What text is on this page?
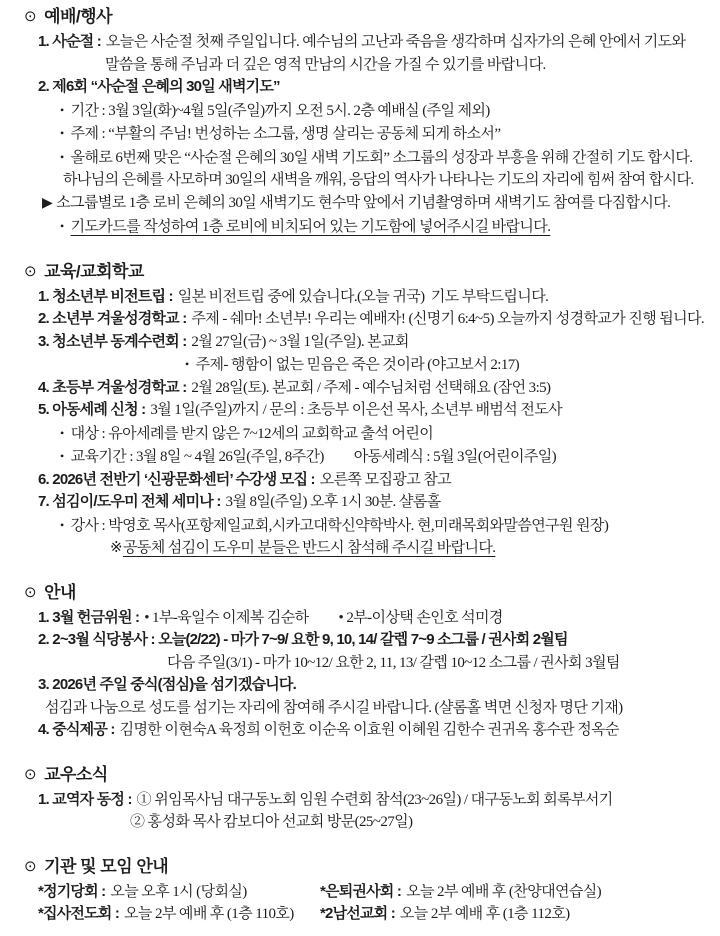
⊙ 예배/행사

1. 사순절 : 오늘은 사순절 첫째 주일입니다. 예수님의 고난과 죽음을 생각하며 십자가의 은혜 안에서 기도와

말씀을 통해 주님과 더 깊은 영적 만남의 시간을 가질 수 있기를 바랍니다.

2. 제6회 “사순절 은혜의 30일 새벽기도”

• 기간 : 3월 3일(화)~4월 5일(주일)까지 오전 5시. 2층 예배실 (주일 제외)

• 주제 : “부활의 주님! 번성하는 소그룹, 생명 살리는 공동체 되게 하소서”

• 올해로 6번째 맞은 “사순절 은혜의 30일 새벽 기도회” 소그룹의 성장과 부흥을 위해 간절히 기도 합시다.

하나님의 은혜를 사모하며 30일의 새벽을 깨워, 응답의 역사가 나타나는 기도의 자리에 힘써 참여 합시다.

▶ 소그룹별로 1층 로비 은혜의 30일 새벽기도 현수막 앞에서 기념촬영하며 새벽기도 참여를 다짐합시다.

• 기도카드를 작성하여 1층 로비에 비치되어 있는 기도함에 넣어주시길 바랍니다.

⊙ 교육/교회학교

1. 청소년부 비전트립 : 일본 비전트립 중에 있습니다.(오늘 귀국)  기도 부탁드립니다.

2. 소년부 겨울성경학교 : 주제 - 쉐마! 소년부! 우리는 예배자! (신명기 6:4~5) 오늘까지 성경학교가 진행 됩니다.

3. 청소년부 동계수련회 : 2월 27일(금) ~ 3월 1일(주일). 본교회

• 주제- 행함이 없는 믿음은 죽은 것이라 (야고보서 2:17)

4. 초등부 겨울성경학교 : 2월 28일(토). 본교회 / 주제 - 예수님처럼 선택해요 (잠언 3:5)

5. 아동세례 신청 : 3월 1일(주일)까지 / 문의 : 초등부 이은선 목사, 소년부 배범석 전도사

• 대상 : 유아세례를 받지 않은 7~12세의 교회학교 출석 어린이

• 교육기간 : 3월 8일 ~ 4월 26일(주일, 8주간) 아동세례식 : 5월 3일(어린이주일)

6. 2026년 전반기 ‘신광문화센터’ 수강생 모집 : 오른쪽 모집광고 참고

7. 섬김이/도우미 전체 세미나 : 3월 8일(주일) 오후 1시 30분. 샬롬홀

• 강사 : 박영호 목사(포항제일교회,시카고대학신약학박사. 현,미래목회와말씀연구원 원장)

※공동체 섬김이 도우미 분들은 반드시 참석해 주시길 바랍니다.

⊙ 안내

1. 3월 헌금위원 : • 1부-육일수 이제복 김순하 • 2부-이상택 손인호 석미경

2. 2~3월 식당봉사 : 오늘(2/22) - 마가 7~9/ 요한 9, 10, 14/ 갈렙 7~9 소그룹 / 권사회 2월팀

다음 주일(3/1) - 마가 10~12/ 요한 2, 11, 13/ 갈렙 10~12 소그룹 / 권사회 3월팀

3. 2026년 주일 중식(점심)을 섬기겠습니다.

섬김과 나눔으로 성도를 섬기는 자리에 참여해 주시길 바랍니다. (샬롬홀 벽면 신청자 명단 기재)

4. 중식제공 : 김명한 이현숙A 육정희 이헌호 이순옥 이효원 이혜원 김한수 권귀옥 홍수관 정옥순

⊙ 교우소식

1. 교역자 동정 : ① 위임목사님 대구동노회 임원 수련회 참석(23~26일) / 대구동노회 회록부서기

② 홍성화 목사 캄보디아 선교회 방문(25~27일)

⊙ 기관 및 모임 안내
*정기당회 : 오늘 오후 1시 (당회실)	*은퇴권사회 : 오늘 2부 예배 후 (찬양대연습실)
*집사전도회 : 오늘 2부 예배 후 (1층 110호)	*2남선교회 : 오늘 2부 예배 후 (1층 112호)
